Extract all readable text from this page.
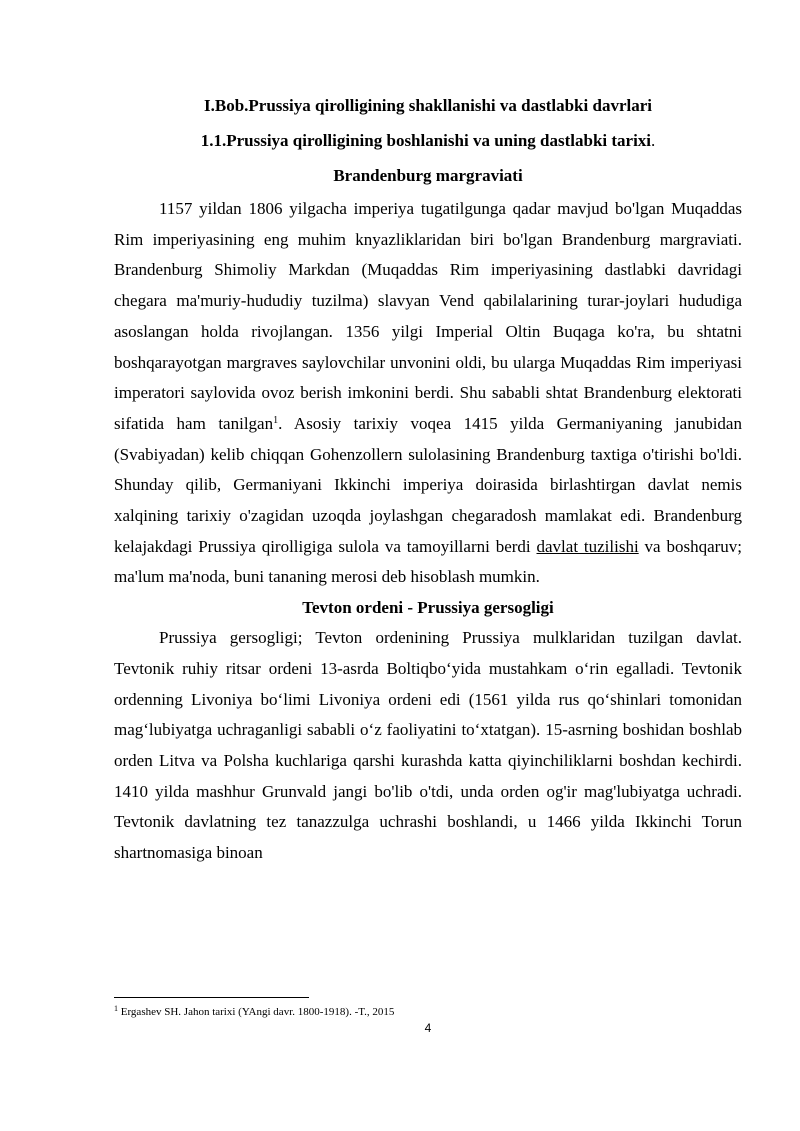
I.Bob.Prussiya qirolligining shakllanishi va dastlabki davrlari

1.1.Prussiya qirolligining boshlanishi va uning dastlabki tarixi.

Brandenburg margraviati

1157 yildan 1806 yilgacha imperiya tugatilgunga qadar mavjud bo'lgan Muqaddas Rim imperiyasining eng muhim knyazliklaridan biri bo'lgan Brandenburg margraviati. Brandenburg Shimoliy Markdan (Muqaddas Rim imperiyasining dastlabki davridagi chegara ma'muriy-hududiy tuzilma) slavyan Vend qabilalarining turar-joylari hududiga asoslangan holda rivojlangan. 1356 yilgi Imperial Oltin Buqaga ko'ra, bu shtatni boshqarayotgan margraves saylovchilar unvonini oldi, bu ularga Muqaddas Rim imperiyasi imperatori saylovida ovoz berish imkonini berdi. Shu sababli shtat Brandenburg elektorati sifatida ham tanilgan$^1$. Asosiy tarixiy voqea 1415 yilda Germaniyaning janubidan (Svabiyadan) kelib chiqqan Gohenzollern sulolasining Brandenburg taxtiga o'tirishi bo'ldi. Shunday qilib, Germaniyani Ikkinchi imperiya doirasida birlashtirgan davlat nemis xalqining tarixiy o'zagidan uzoqda joylashgan chegaradosh mamlakat edi. Brandenburg kelajakdagi Prussiya qirolligiga sulola va tamoyillarni berdi davlat tuzilishi va boshqaruv; ma'lum ma'noda, buni tananing merosi deb hisoblash mumkin.

Tevton ordeni - Prussiya gersogligi

Prussiya gersogligi; Tevton ordenining Prussiya mulklaridan tuzilgan davlat. Tevtonik ruhiy ritsar ordeni 13-asrda Boltiqbo‘yida mustahkam o‘rin egalladi. Tevtonik ordenning Livoniya bo‘limi Livoniya ordeni edi (1561 yilda rus qo‘shinlari tomonidan mag‘lubiyatga uchraganligi sababli o‘z faoliyatini to‘xtatgan). 15-asrning boshidan boshlab orden Litva va Polsha kuchlariga qarshi kurashda katta qiyinchiliklarni boshdan kechirdi. 1410 yilda mashhur Grunvald jangi bo'lib o'tdi, unda orden og'ir mag'lubiyatga uchradi. Tevtonik davlatning tez tanazzulga uchrashi boshlandi, u 1466 yilda Ikkinchi Torun shartnomasiga binoan

$^1$ Ergashev SH. Jahon tarixi (YAngi davr. 1800-1918). -T., 2015
4
